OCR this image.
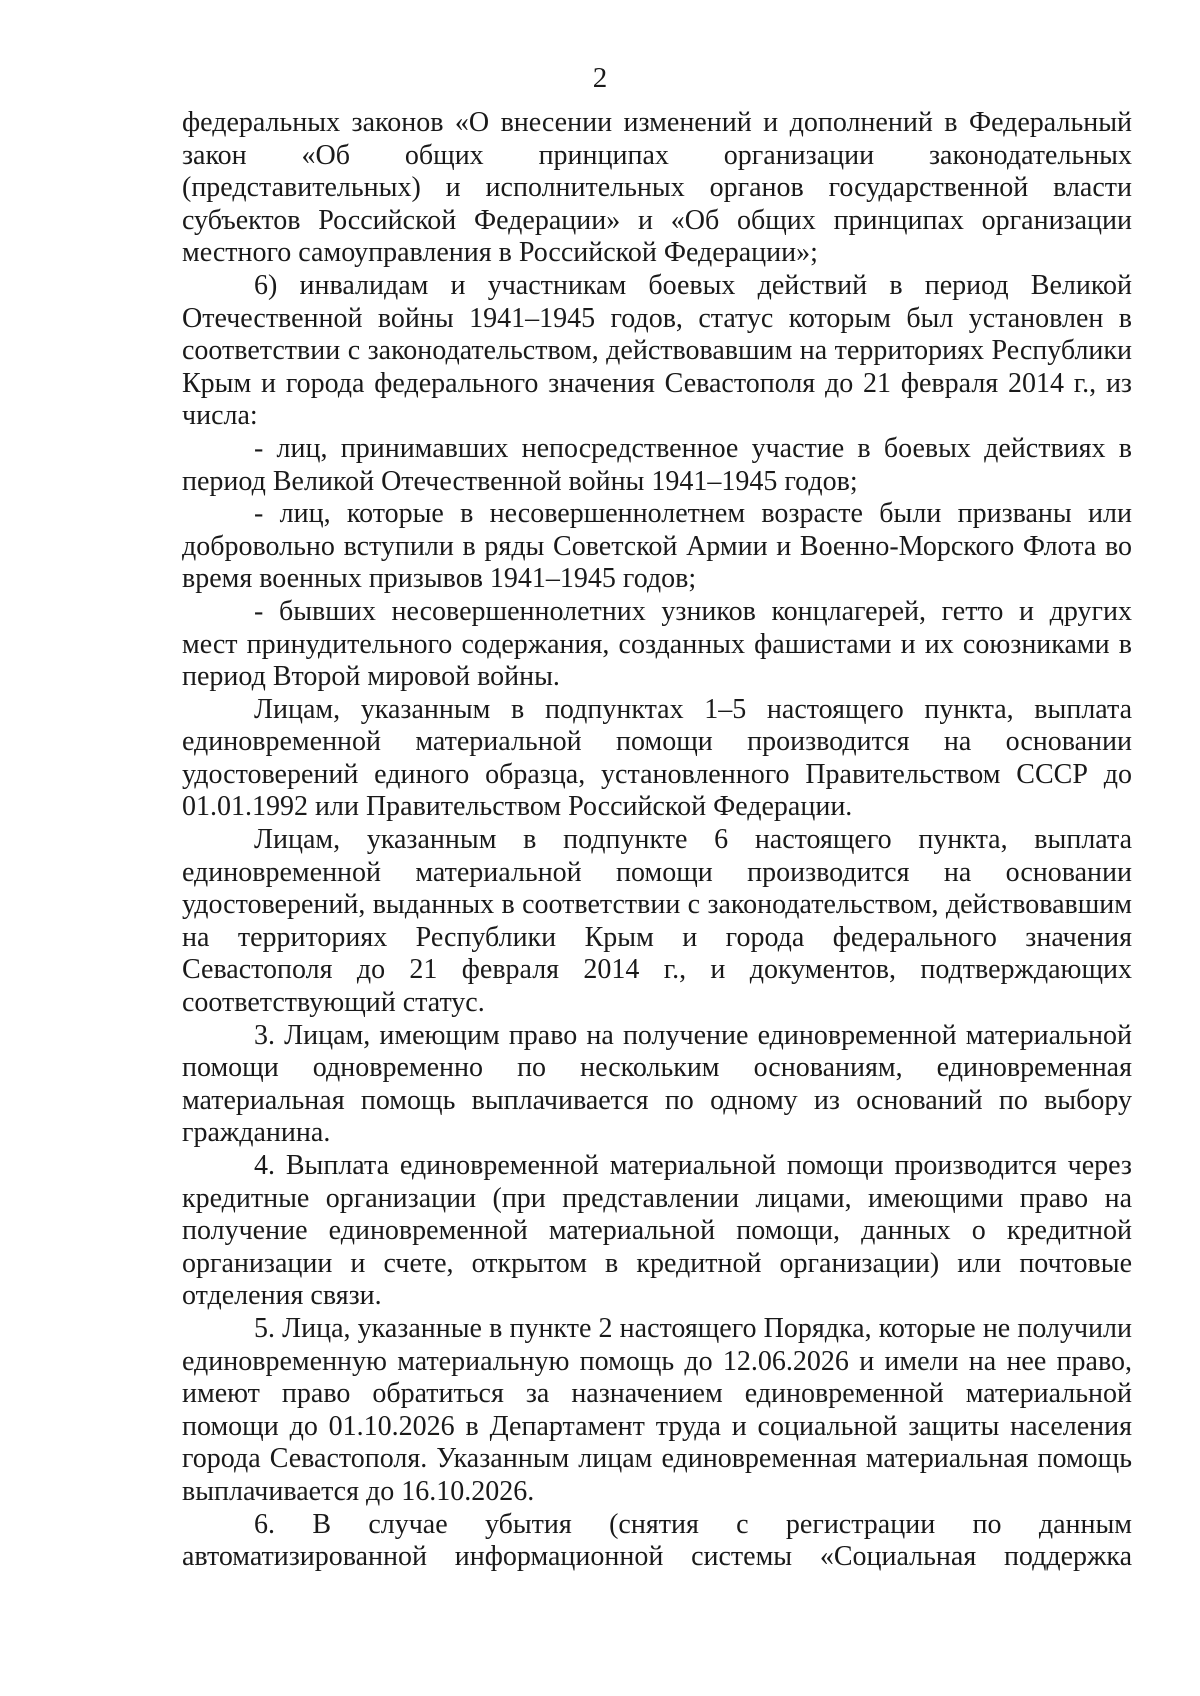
2

федеральных законов «О внесении изменений и дополнений в Федеральный закон «Об общих принципах организации законодательных (представительных) и исполнительных органов государственной власти субъектов Российской Федерации» и «Об общих принципах организации местного самоуправления в Российской Федерации»;

6) инвалидам и участникам боевых действий в период Великой Отечественной войны 1941–1945 годов, статус которым был установлен в соответствии с законодательством, действовавшим на территориях Республики Крым и города федерального значения Севастополя до 21 февраля 2014 г., из числа:

- лиц, принимавших непосредственное участие в боевых действиях в период Великой Отечественной войны 1941–1945 годов;

- лиц, которые в несовершеннолетнем возрасте были призваны или добровольно вступили в ряды Советской Армии и Военно-Морского Флота во время военных призывов 1941–1945 годов;

- бывших несовершеннолетних узников концлагерей, гетто и других мест принудительного содержания, созданных фашистами и их союзниками в период Второй мировой войны.

Лицам, указанным в подпунктах 1–5 настоящего пункта, выплата единовременной материальной помощи производится на основании удостоверений единого образца, установленного Правительством СССР до 01.01.1992 или Правительством Российской Федерации.

Лицам, указанным в подпункте 6 настоящего пункта, выплата единовременной материальной помощи производится на основании удостоверений, выданных в соответствии с законодательством, действовавшим на территориях Республики Крым и города федерального значения Севастополя до 21 февраля 2014 г., и документов, подтверждающих соответствующий статус.

3. Лицам, имеющим право на получение единовременной материальной помощи одновременно по нескольким основаниям, единовременная материальная помощь выплачивается по одному из оснований по выбору гражданина.

4. Выплата единовременной материальной помощи производится через кредитные организации (при представлении лицами, имеющими право на получение единовременной материальной помощи, данных о кредитной организации и счете, открытом в кредитной организации) или почтовые отделения связи.

5. Лица, указанные в пункте 2 настоящего Порядка, которые не получили единовременную материальную помощь до 12.06.2026 и имели на нее право, имеют право обратиться за назначением единовременной материальной помощи до 01.10.2026 в Департамент труда и социальной защиты населения города Севастополя. Указанным лицам единовременная материальная помощь выплачивается до 16.10.2026.

6. В случае убытия (снятия с регистрации по данным автоматизированной информационной системы «Социальная поддержка
